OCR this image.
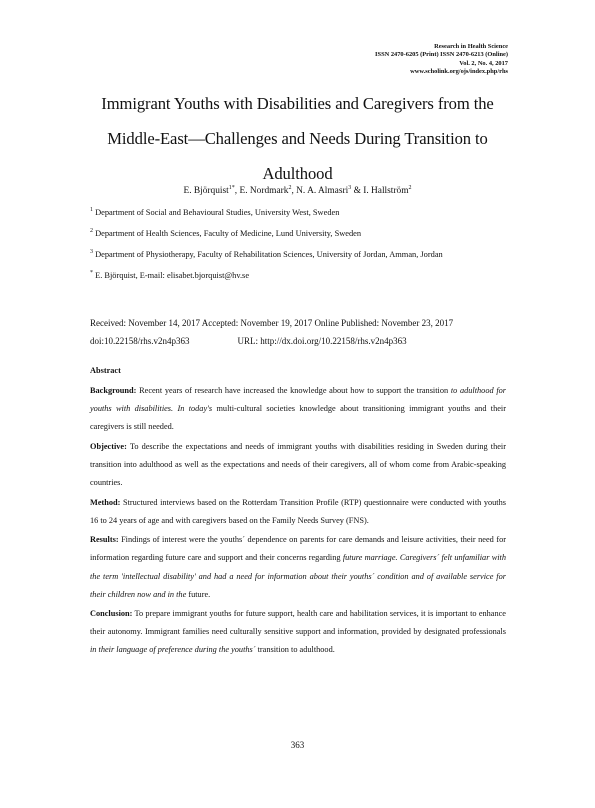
Research in Health Science
ISSN 2470-6205 (Print) ISSN 2470-6213 (Online)
Vol. 2, No. 4, 2017
www.scholink.org/ojs/index.php/rhs
Immigrant Youths with Disabilities and Caregivers from the
Middle-East—Challenges and Needs During Transition to
Adulthood
E. Björquist$^{1*}$, E. Nordmark$^2$, N. A. Almasri$^3$ & I. Hallström$^2$
$^1$ Department of Social and Behavioural Studies, University West, Sweden
$^2$ Department of Health Sciences, Faculty of Medicine, Lund University, Sweden
$^3$ Department of Physiotherapy, Faculty of Rehabilitation Sciences, University of Jordan, Amman, Jordan
* E. Björquist, E-mail: elisabet.bjorquist@hv.se
Received: November 14, 2017 Accepted: November 19, 2017 Online Published: November 23, 2017
doi:10.22158/rhs.v2n4p363	URL: http://dx.doi.org/10.22158/rhs.v2n4p363

Abstract

Background: Recent years of research have increased the knowledge about how to support the transition to adulthood for youths with disabilities. In today's multi-cultural societies knowledge about transitioning immigrant youths and their caregivers is still needed.

Objective: To describe the expectations and needs of immigrant youths with disabilities residing in Sweden during their transition into adulthood as well as the expectations and needs of their caregivers, all of whom come from Arabic-speaking countries.

Method: Structured interviews based on the Rotterdam Transition Profile (RTP) questionnaire were conducted with youths 16 to 24 years of age and with caregivers based on the Family Needs Survey (FNS).

Results: Findings of interest were the youths´ dependence on parents for care demands and leisure activities, their need for information regarding future care and support and their concerns regarding future marriage. Caregivers´ felt unfamiliar with the term 'intellectual disability' and had a need for information about their youths´ condition and of available service for their children now and in the future.

Conclusion: To prepare immigrant youths for future support, health care and habilitation services, it is important to enhance their autonomy. Immigrant families need culturally sensitive support and information, provided by designated professionals in their language of preference during the youths´ transition to adulthood.

363
